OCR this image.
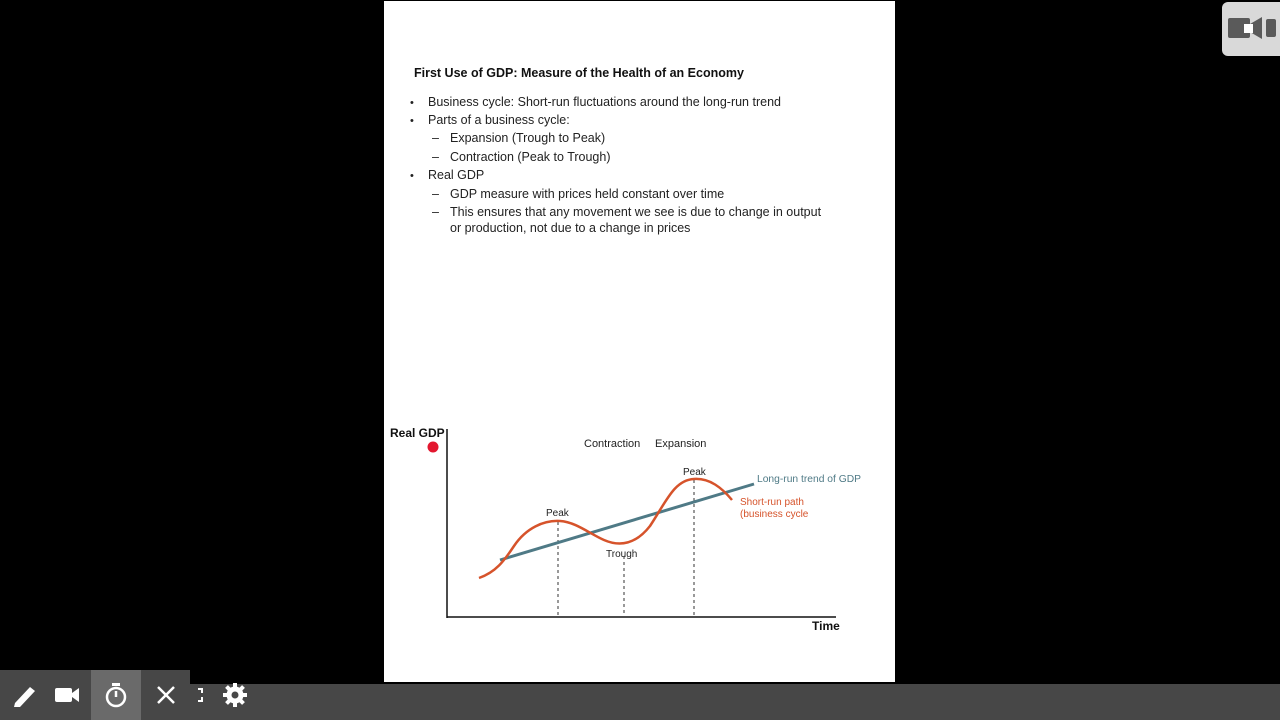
First Use of GDP: Measure of the Health of an Economy
• Business cycle: Short-run fluctuations around the long-run trend
• Parts of a business cycle:
– Expansion (Trough to Peak)
– Contraction (Peak to Trough)
• Real GDP
– GDP measure with prices held constant over time
– This ensures that any movement we see is due to change in output
or production, not due to a change in prices
Real GDP
Time
Contraction Expansion
Peak
Trough
Peak
Long-run trend of GDP
Short-run path
(business cycle
